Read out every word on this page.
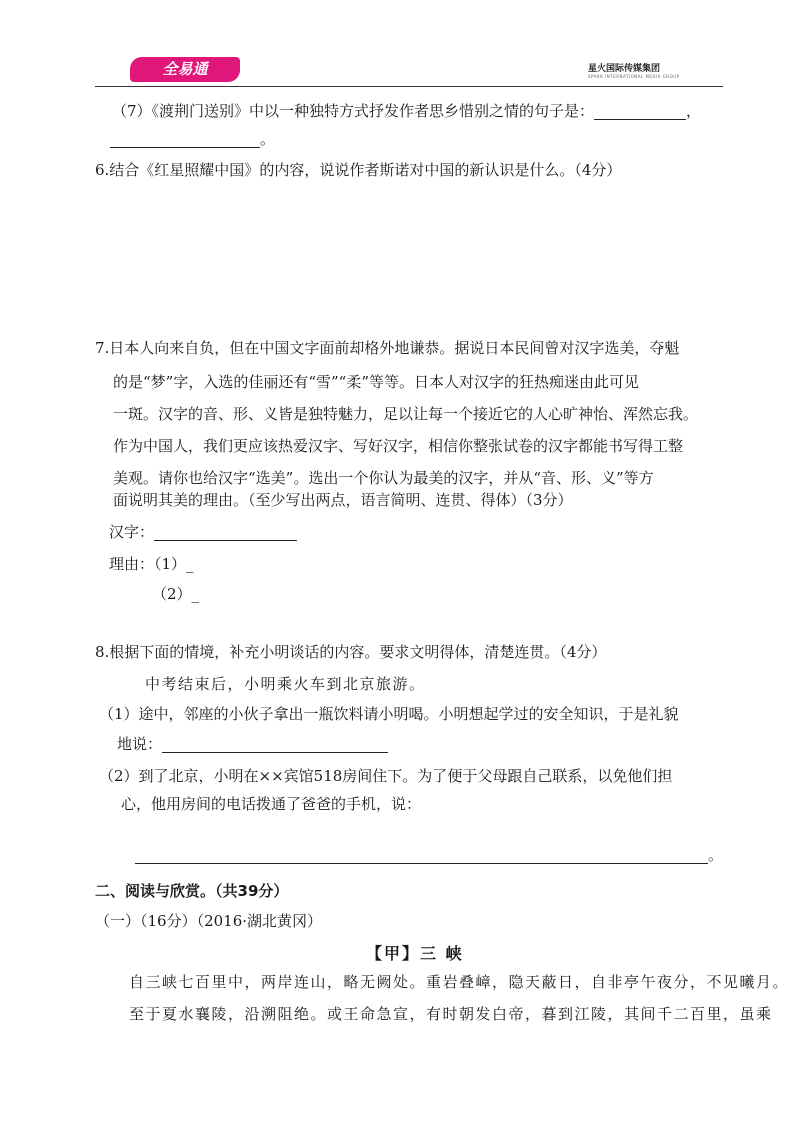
全易通	星火国际传媒集团
SPARK INTERNATIONAL MEDIA GROUP
（7）《渡荆门送别》中以一种独特方式抒发作者思乡惜别之情的句子是：	，
。
6.结合《红星照耀中国》的内容，说说作者斯诺对中国的新认识是什么。（4分）
7.日本人向来自负，但在中国文字面前却格外地谦恭。据说日本民间曾对汉字选美，夺魁
的是“梦”字，入选的佳丽还有“雪”“柔”等等。日本人对汉字的狂热痴迷由此可见
一斑。汉字的音、形、义皆是独特魅力，足以让每一个接近它的人心旷神怡、浑然忘我。
作为中国人，我们更应该热爱汉字、写好汉字，相信你整张试卷的汉字都能书写得工整
美观。请你也给汉字“选美”。选出一个你认为最美的汉字，并从“音、形、义”等方
面说明其美的理由。（至少写出两点，语言简明、连贯、得体）（3分）
汉字：
理由：（1）_
（2）_
8.根据下面的情境，补充小明谈话的内容。要求文明得体，清楚连贯。（4分）
中考结束后，小明乘火车到北京旅游。
（1）途中，邻座的小伙子拿出一瓶饮料请小明喝。小明想起学过的安全知识，于是礼貌
地说：
（2）到了北京，小明在××宾馆518房间住下。为了便于父母跟自己联系，以免他们担
心，他用房间的电话拨通了爸爸的手机，说：
。
二、阅读与欣赏。（共39分）
（一）（16分）（2016·湖北黄冈）
【甲】三 峡
自三峡七百里中，两岸连山，略无阙处。重岩叠嶂，隐天蔽日，自非亭午夜分，不见曦月。
至于夏水襄陵，沿溯阻绝。或王命急宣，有时朝发白帝，暮到江陵，其间千二百里，虽乘
